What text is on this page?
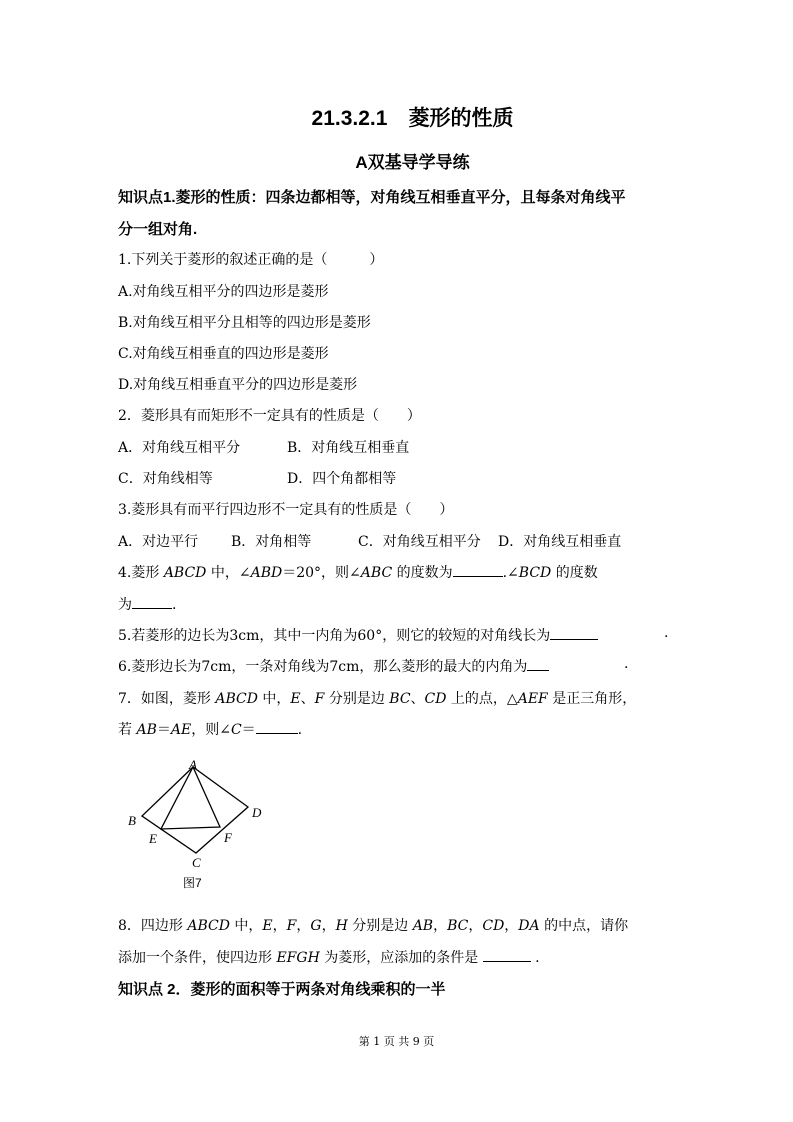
21.3.2.1　菱形的性质
A双基导学导练
知识点1.菱形的性质：四条边都相等，对角线互相垂直平分，且每条对角线平
分一组对角.
1.下列关于菱形的叙述正确的是（　　　）
A.对角线互相平分的四边形是菱形
B.对角线互相平分且相等的四边形是菱形
C.对角线互相垂直的四边形是菱形
D.对角线互相垂直平分的四边形是菱形
2．菱形具有而矩形不一定具有的性质是（　　）
A．对角线互相平分	B．对角线互相垂直
C．对角线相等	D．四个角都相等
3.菱形具有而平行四边形不一定具有的性质是（　　）
A．对边平行 B．对角相等	C．对角线互相平分 D．对角线互相垂直
4.菱形 ABCD 中，∠ABD＝20°，则∠ABC 的度数为	.∠BCD 的度数
为	.
5.若菱形的边长为3cm，其中一内角为60°，则它的较短的对角线长为	.
6.菱形边长为7cm，一条对角线为7cm，那么菱形的最大的内角为	.
7．如图，菱形 ABCD 中，E、F 分别是边 BC、CD 上的点，△AEF 是正三角形，
若 AB＝AE，则∠C＝	.
A
B
C
D
E	F
图7
8．四边形 ABCD 中，E，F，G，H 分别是边 AB，BC，CD，DA 的中点，请你
添加一个条件，使四边形 EFGH 为菱形，应添加的条件是	.
知识点 2．菱形的面积等于两条对角线乘积的一半
第 1 页 共 9 页
